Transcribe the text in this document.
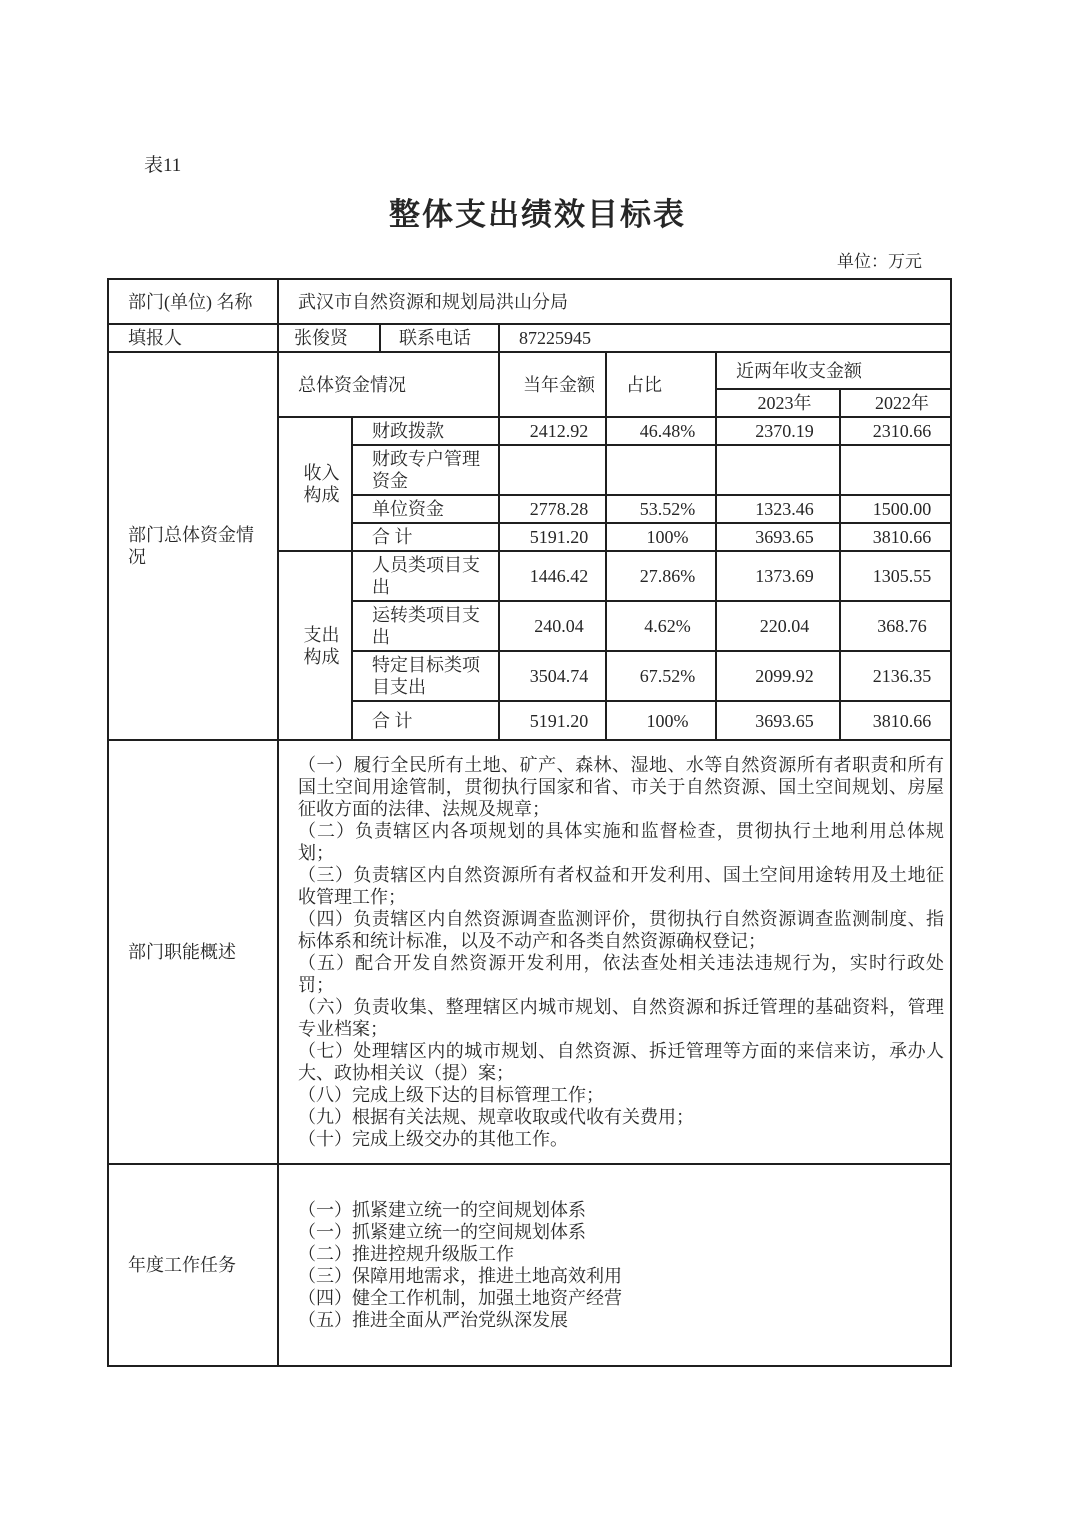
表11
整体支出绩效目标表
单位：万元
部门(单位) 名称	武汉市自然资源和规划局洪山分局						
填报人	张俊贤		联系电话	87225945			
部门总体资金情况	总体资金情况			当年金额	占比	近两年收支金额	
						2023年	2022年
	收入构成	财政拨款		2412.92	46.48%	2370.19	2310.66
		财政专户管理资金					
		单位资金		2778.28	53.52%	1323.46	1500.00
		合 计		5191.20	100%	3693.65	3810.66
	支出构成	人员类项目支出		1446.42	27.86%	1373.69	1305.55
		运转类项目支出		240.04	4.62%	220.04	368.76
		特定目标类项目支出		3504.74	67.52%	2099.92	2136.35
		合 计		5191.20	100%	3693.65	3810.66
部门职能概述	
（一）履行全民所有土地、矿产、森林、湿地、水等自然资源所有者职责和所有国土空间用途管制，贯彻执行国家和省、市关于自然资源、国土空间规划、房屋征收方面的法律、法规及规章；
（二）负责辖区内各项规划的具体实施和监督检查，贯彻执行土地利用总体规划；
（三）负责辖区内自然资源所有者权益和开发利用、国土空间用途转用及土地征收管理工作；
（四）负责辖区内自然资源调查监测评价，贯彻执行自然资源调查监测制度、指标体系和统计标准，以及不动产和各类自然资源确权登记；
（五）配合开发自然资源开发利用，依法查处相关违法违规行为，实时行政处罚；
（六）负责收集、整理辖区内城市规划、自然资源和拆迁管理的基础资料，管理专业档案；
（七）处理辖区内的城市规划、自然资源、拆迁管理等方面的来信来访，承办人大、政协相关议（提）案；
（八）完成上级下达的目标管理工作；
（九）根据有关法规、规章收取或代收有关费用；
（十）完成上级交办的其他工作。

年度工作任务	
（一）抓紧建立统一的空间规划体系
（一）抓紧建立统一的空间规划体系
（二）推进控规升级版工作
（三）保障用地需求，推进土地高效利用
（四）健全工作机制，加强土地资产经营
（五）推进全面从严治党纵深发展
